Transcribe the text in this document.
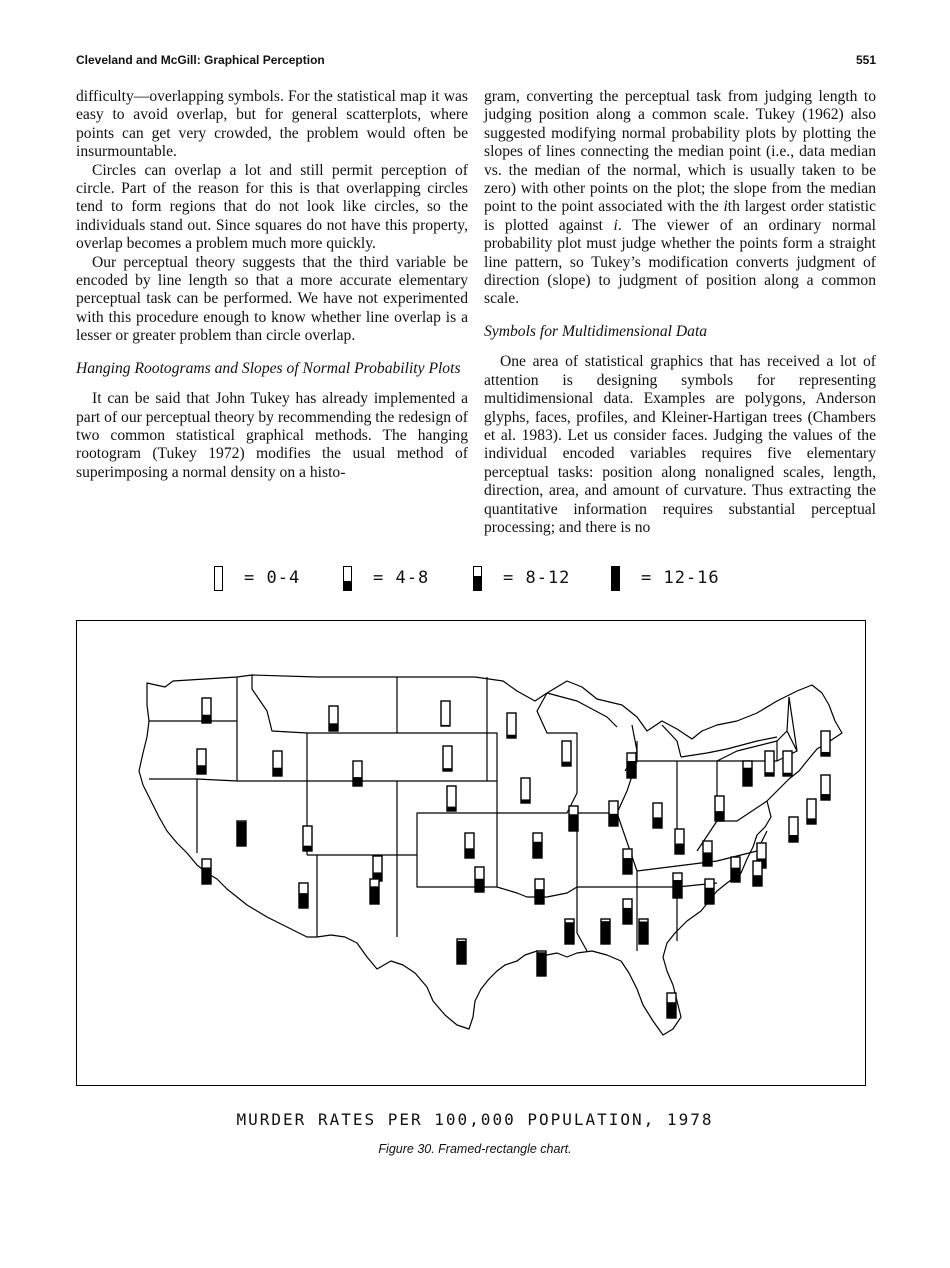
Cleveland and McGill: Graphical Perception	551

difficulty—overlapping symbols. For the statistical map it was easy to avoid overlap, but for general scatterplots, where points can get very crowded, the problem would often be insurmountable.

Circles can overlap a lot and still permit perception of circle. Part of the reason for this is that overlapping circles tend to form regions that do not look like circles, so the individuals stand out. Since squares do not have this property, overlap becomes a problem much more quickly.

Our perceptual theory suggests that the third variable be encoded by line length so that a more accurate elementary perceptual task can be performed. We have not experimented with this procedure enough to know whether line overlap is a lesser or greater problem than circle overlap.

Hanging Rootograms and Slopes of Normal Probability Plots

It can be said that John Tukey has already implemented a part of our perceptual theory by recommending the redesign of two common statistical graphical methods. The hanging rootogram (Tukey 1972) modifies the usual method of superimposing a normal density on a histo-

gram, converting the perceptual task from judging length to judging position along a common scale. Tukey (1962) also suggested modifying normal probability plots by plotting the slopes of lines connecting the median point (i.e., data median vs. the median of the normal, which is usually taken to be zero) with other points on the plot; the slope from the median point to the point associated with the ith largest order statistic is plotted against i. The viewer of an ordinary normal probability plot must judge whether the points form a straight line pattern, so Tukey’s modification converts judgment of direction (slope) to judgment of position along a common scale.

Symbols for Multidimensional Data

One area of statistical graphics that has received a lot of attention is designing symbols for representing multidimensional data. Examples are polygons, Anderson glyphs, faces, profiles, and Kleiner-Hartigan trees (Chambers et al. 1983). Let us consider faces. Judging the values of the individual encoded variables requires five elementary perceptual tasks: position along nonaligned scales, length, direction, area, and amount of curvature. Thus extracting the quantitative information requires substantial perceptual processing; and there is no

= 0-4	= 4-8	= 8-12	= 12-16
MURDER RATES PER 100,000 POPULATION, 1978
Figure 30. Framed-rectangle chart.
